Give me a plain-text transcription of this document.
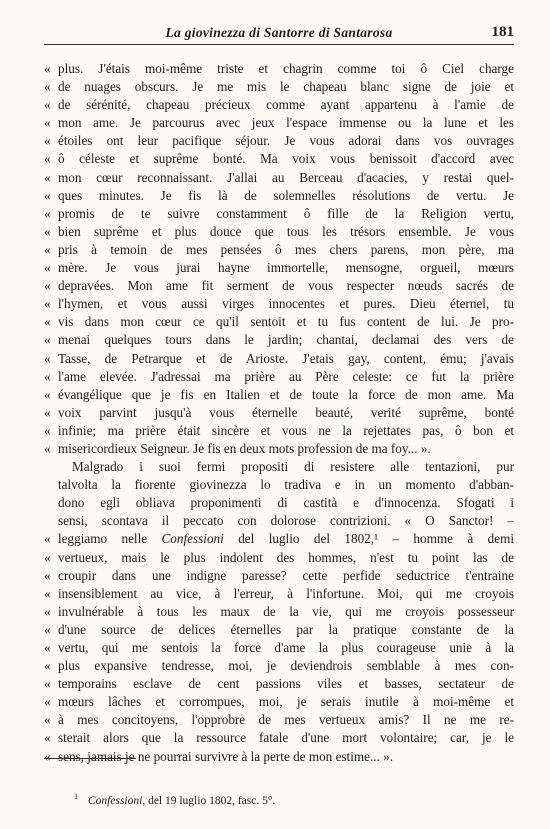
La giovinezza di Santorre di Santarosa	181
« plus. J'étais moi-même triste et chagrin comme toi ô Ciel charge
« de nuages obscurs. Je me mis le chapeau blanc signe de joie et
« de sérénité, chapeau précieux comme ayant appartenu à l'amie de
« mon ame. Je parcourus avec jeux l'espace immense ou la lune et les
« étoiles ont leur pacifique séjour. Je vous adorai dans vos ouvrages
« ô céleste et suprême bonté. Ma voix vous benissoit d'accord avec
« mon cœur reconnaissant. J'allai au Berceau d'acacies, y restai quel-
« ques minutes. Je fis là de solemnelles résolutions de vertu. Je
« promis de te suivre constamment ô fille de la Religion vertu,
« bien suprême et plus douce que tous les trésors ensemble. Je vous
« pris à temoin de mes pensées ô mes chers parens, mon père, ma
« mère. Je vous jurai hayne immortelle, mensogne, orgueil, mœurs
« depravées. Mon ame fit serment de vous respecter nœuds sacrés de
« l'hymen, et vous aussi virges innocentes et pures. Dieu éternel, tu
« vis dans mon cœur ce qu'il sentoit et tu fus content de lui. Je pro-
« menai quelques tours dans le jardin; chantai, declamai des vers de
« Tasse, de Petrarque et de Arioste. J'etais gay, content, ému; j'avais
« l'ame elevée. J'adressai ma prière au Père celeste: ce fut la prière
« évangélique que je fis en Italien et de toute la force de mon ame. Ma
« voix parvint jusqu'à vous éternelle beauté, verité suprême, bonté
« infinie; ma prière était sincère et vous ne la rejettates pas, ô bon et
« misericordieux Seigneur. Je fis en deux mots profession de ma foy... ».
Malgrado i suoi fermi propositi di resistere alle tentazioni, pur
talvolta la fiorente giovinezza lo tradiva e in un momento d'abban-
dono egli obliava proponimenti di castità e d'innocenza. Sfogati i
sensi, scontava il peccato con dolorose contrizioni. « O Sanctor! –
« leggiamo nelle Confessioni del luglio del 1802,¹ – homme à demi
« vertueux, mais le plus indolent des hommes, n'est tu point las de
« croupir dans une indigne paresse? cette perfide seductrice t'entraine
« insensiblement au vice, à l'erreur, à l'infortune. Moi, qui me croyois
« invulnérable à tous les maux de la vie, qui me croyois possesseur
« d'une source de delices éternelles par la pratique constante de la
« vertu, qui me sentois la force d'ame la plus courageuse unie à la
« plus expansive tendresse, moi, je deviendrois semblable à mes con-
« temporains esclave de cent passions viles et basses, sectateur de
« mœurs lâches et corrompues, moi, je serais inutile à moi-même et
« à mes concitoyens, l'opprobre de mes vertueux amis? Il ne me re-
« sterait alors que la ressource fatale d'une mort volontaire; car, je le
« sens, jamais je ne pourrai survivre à la perte de mon estime... ».
$^1$ Confessioni, del 19 luglio 1802, fasc. 5°.
